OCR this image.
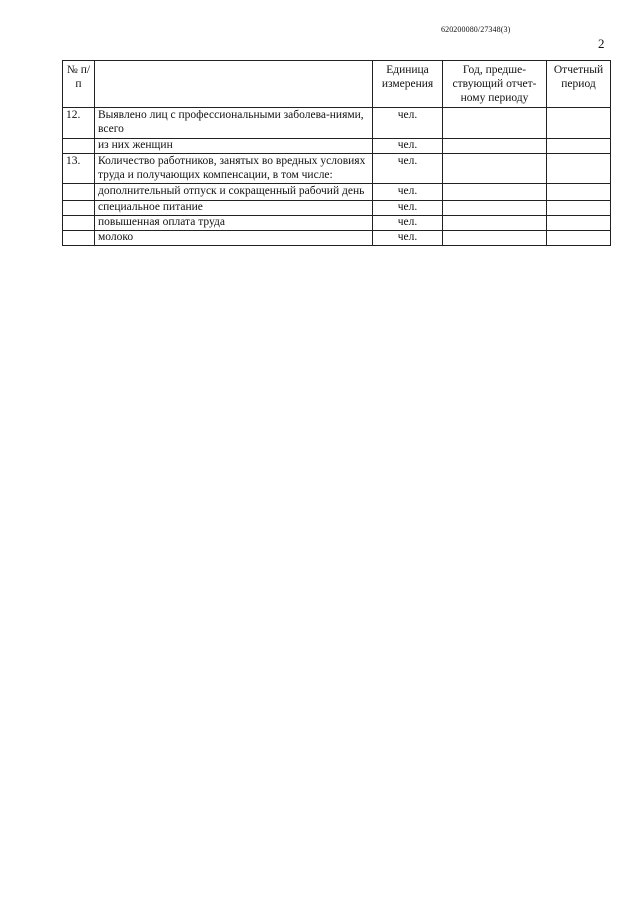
620200080/27348(3)
2
№ п/п		Единица измерения	Год, предше-ствующий отчет-ному периоду	Отчетный период
12.	Выявлено лиц с профессиональными заболева-ниями, всего	чел.		
	из них женщин	чел.		
13.	Количество работников, занятых во вредных условиях труда и получающих компенсации, в том числе:	чел.		
	дополнительный отпуск и сокращенный рабочий день	чел.		
	специальное питание	чел.		
	повышенная оплата труда	чел.		
	молоко	чел.		
